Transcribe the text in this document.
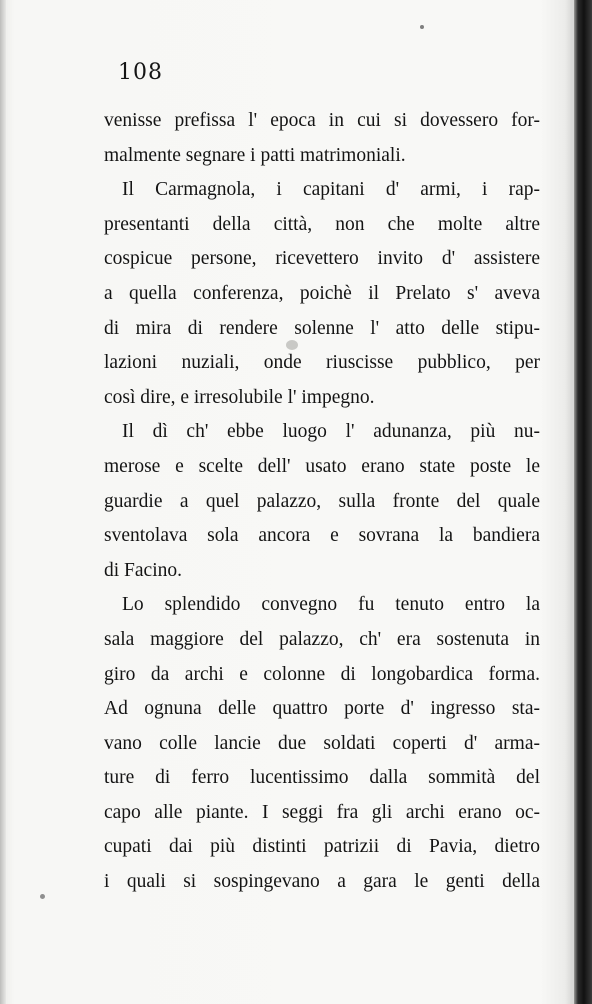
108
venisse prefissa l' epoca in cui si dovessero for-
malmente segnare i patti matrimoniali.
Il Carmagnola, i capitani d' armi, i rap-
presentanti della città, non che molte altre
cospicue persone, ricevettero invito d' assistere
a quella conferenza, poichè il Prelato s' aveva
di mira di rendere solenne l' atto delle stipu-
lazioni nuziali, onde riuscisse pubblico, per
così dire, e irresolubile l' impegno.
Il dì ch' ebbe luogo l' adunanza, più nu-
merose e scelte dell' usato erano state poste le
guardie a quel palazzo, sulla fronte del quale
sventolava sola ancora e sovrana la bandiera
di Facino.
Lo splendido convegno fu tenuto entro la
sala maggiore del palazzo, ch' era sostenuta in
giro da archi e colonne di longobardica forma.
Ad ognuna delle quattro porte d' ingresso sta-
vano colle lancie due soldati coperti d' arma-
ture di ferro lucentissimo dalla sommità del
capo alle piante. I seggi fra gli archi erano oc-
cupati dai più distinti patrizii di Pavia, dietro
i quali si sospingevano a gara le genti della
